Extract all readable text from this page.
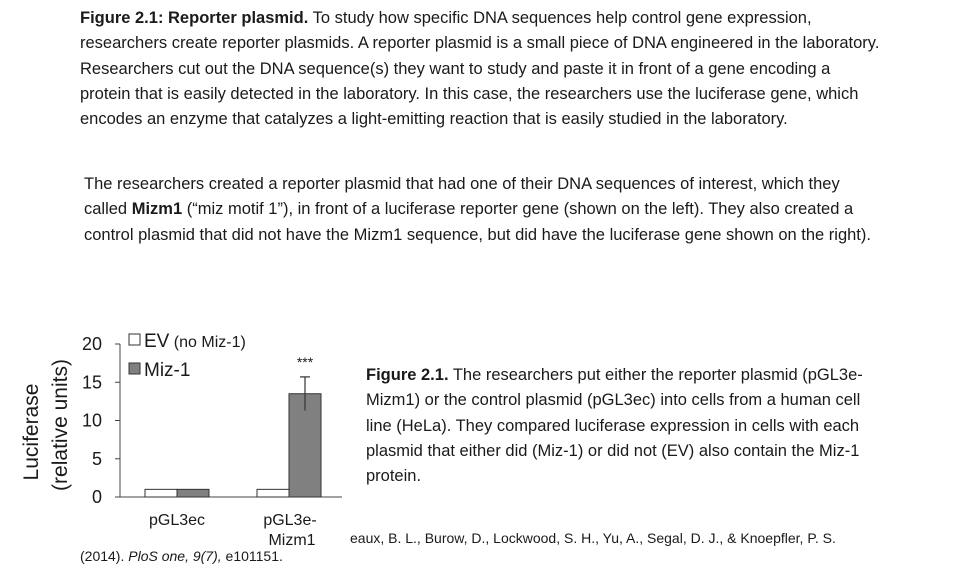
Figure 2.1: Reporter plasmid. To study how specific DNA sequences help control gene expression, researchers create reporter plasmids. A reporter plasmid is a small piece of DNA engineered in the laboratory. Researchers cut out the DNA sequence(s) they want to study and paste it in front of a gene encoding a protein that is easily detected in the laboratory. In this case, the researchers use the luciferase gene, which encodes an enzyme that catalyzes a light-emitting reaction that is easily studied in the laboratory.

The researchers created a reporter plasmid that had one of their DNA sequences of interest, which they called Mizm1 (“miz motif 1”), in front of a luciferase reporter gene (shown on the left). They also created a control plasmid that did not have the Mizm1 sequence, but did have the luciferase gene shown on the right).

0
5
10
15
20
Luciferase (relative units)	***
pGL3ec	pGL3e-
Mizm1
EV (no Miz-1)
Miz-1	Figure 2.1. The researchers put either the reporter plasmid (pGL3e-Mizm1) or the control plasmid (pGL3ec) into cells from a human cell line (HeLa). They compared luciferase expression in cells with each plasmid that either did (Miz-1) or did not (EV) also contain the Miz-1 protein.

eaux, B. L., Burow, D., Lockwood, S. H., Yu, A., Segal, D. J., & Knoepfler, P. S.
(2014). PloS one, 9(7), e101151.
